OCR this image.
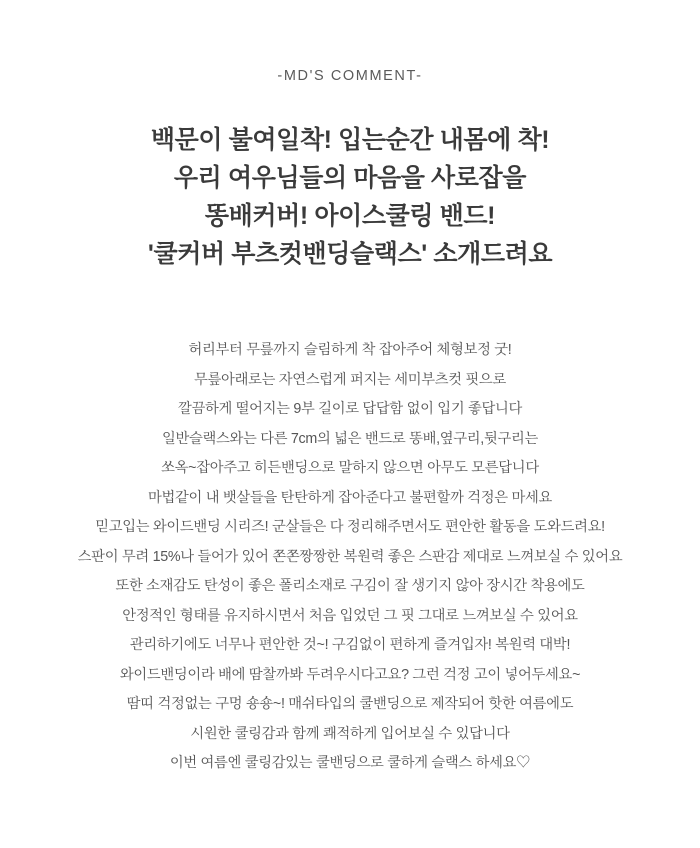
-MD'S COMMENT-
백문이 불여일착! 입는순간 내몸에 착!
우리 여우님들의 마음을 사로잡을
똥배커버! 아이스쿨링 밴드!
'쿨커버 부츠컷밴딩슬랙스' 소개드려요
허리부터 무릎까지 슬림하게 착 잡아주어 체형보정 굿!
무릎아래로는 자연스럽게 퍼지는 세미부츠컷 핏으로
깔끔하게 떨어지는 9부 길이로 답답함 없이 입기 좋답니다
일반슬랙스와는 다른 7cm의 넓은 밴드로 똥배,옆구리,뒷구리는
쏘옥~잡아주고 히든밴딩으로 말하지 않으면 아무도 모른답니다
마법같이 내 뱃살들을 탄탄하게 잡아준다고 불편할까 걱정은 마세요
믿고입는 와이드밴딩 시리즈! 군살들은 다 정리해주면서도 편안한 활동을 도와드려요!
스판이 무려 15%나 들어가 있어 쫀쫀짱짱한 복원력 좋은 스판감 제대로 느껴보실 수 있어요
또한 소재감도 탄성이 좋은 폴리소재로 구김이 잘 생기지 않아 장시간 착용에도
안정적인 형태를 유지하시면서 처음 입었던 그 핏 그대로 느껴보실 수 있어요
관리하기에도 너무나 편안한 것~! 구김없이 편하게 즐겨입자! 복원력 대박!
와이드밴딩이라 배에 땀찰까봐 두려우시다고요? 그런 걱정 고이 넣어두세요~
땀띠 걱정없는 구멍 숑숑~! 매쉬타입의 쿨밴딩으로 제작되어 핫한 여름에도
시원한 쿨링감과 함께 쾌적하게 입어보실 수 있답니다
이번 여름엔 쿨링감있는 쿨밴딩으로 쿨하게 슬랙스 하세요♡
